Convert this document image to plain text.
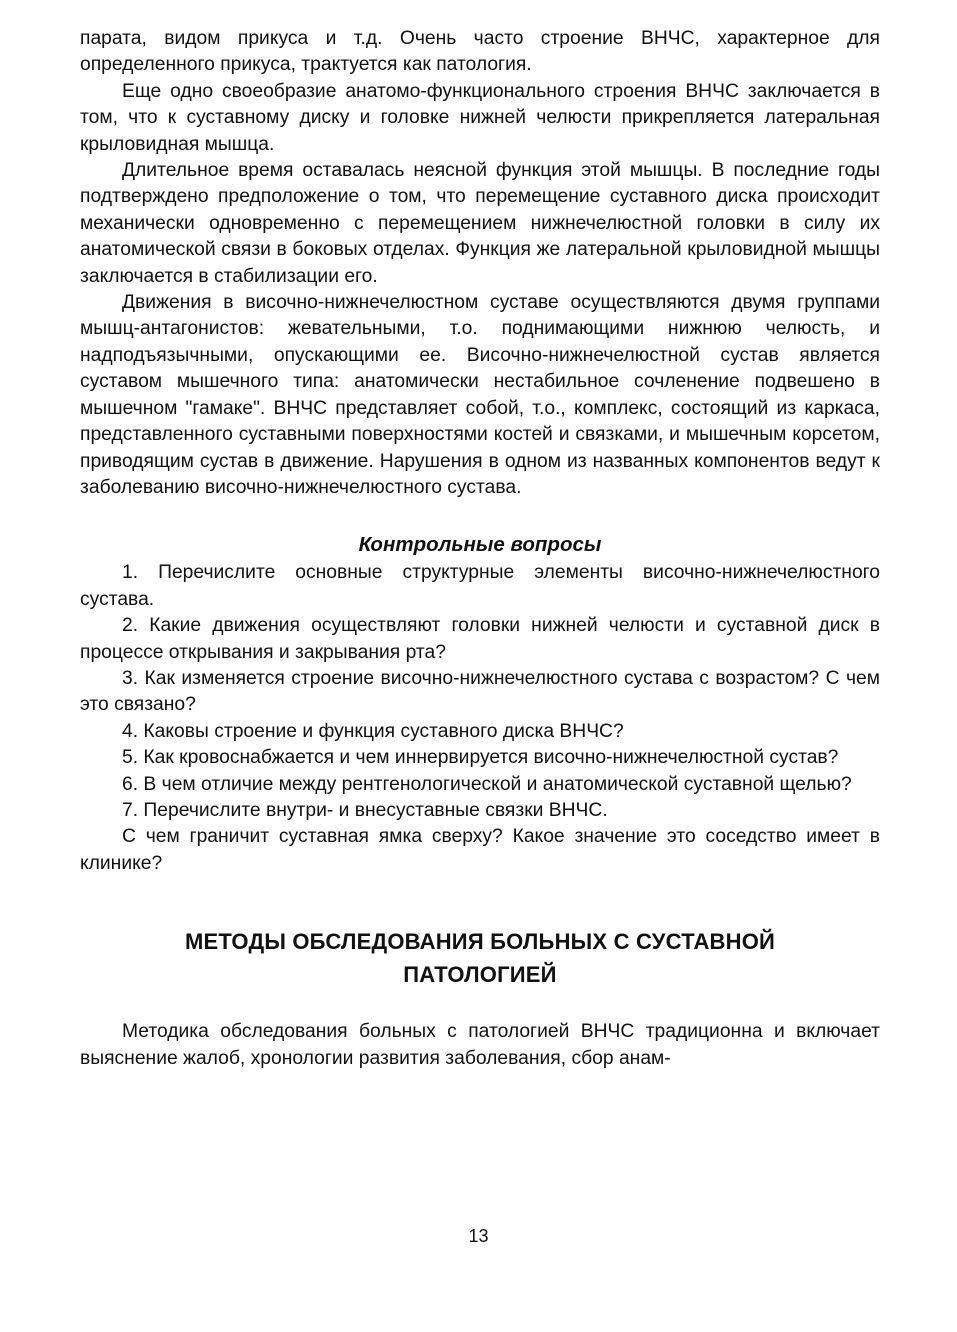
парата, видом прикуса и т.д. Очень часто строение ВНЧС, характерное для определенного прикуса, трактуется как патология.

Еще одно своеобразие анатомо-функционального строения ВНЧС заключается в том, что к суставному диску и головке нижней челюсти прикрепляется латеральная крыловидная мышца.

Длительное время оставалась неясной функция этой мышцы. В последние годы подтверждено предположение о том, что перемещение суставного диска происходит механически одновременно с перемещением нижнечелюстной головки в силу их анатомической связи в боковых отделах. Функция же латеральной крыловидной мышцы заключается в стабилизации его.

Движения в височно-нижнечелюстном суставе осуществляются двумя группами мышц-антагонистов: жевательными, т.о. поднимающими нижнюю челюсть, и надподъязычными, опускающими ее. Височно-нижнечелюстной сустав является суставом мышечного типа: анатомически нестабильное сочленение подвешено в мышечном "гамаке". ВНЧС представляет собой, т.о., комплекс, состоящий из каркаса, представленного суставными поверхностями костей и связками, и мышечным корсетом, приводящим сустав в движение. Нарушения в одном из названных компонентов ведут к заболеванию височно-нижнечелюстного сустава.

Контрольные вопросы

1. Перечислите основные структурные элементы височно-нижнечелюстного сустава.

2. Какие движения осуществляют головки нижней челюсти и суставной диск в процессе открывания и закрывания рта?

3. Как изменяется строение височно-нижнечелюстного сустава с возрастом? С чем это связано?

4. Каковы строение и функция суставного диска ВНЧС?

5. Как кровоснабжается и чем иннервируется височно-нижнечелюстной сустав?

6. В чем отличие между рентгенологической и анатомической суставной щелью?

7. Перечислите внутри- и внесуставные связки ВНЧС.

С чем граничит суставная ямка сверху? Какое значение это соседство имеет в клинике?

МЕТОДЫ ОБСЛЕДОВАНИЯ БОЛЬНЫХ С СУСТАВНОЙ
ПАТОЛОГИЕЙ

Методика обследования больных с патологией ВНЧС традиционна и включает выяснение жалоб, хронологии развития заболевания, сбор анам-

13
